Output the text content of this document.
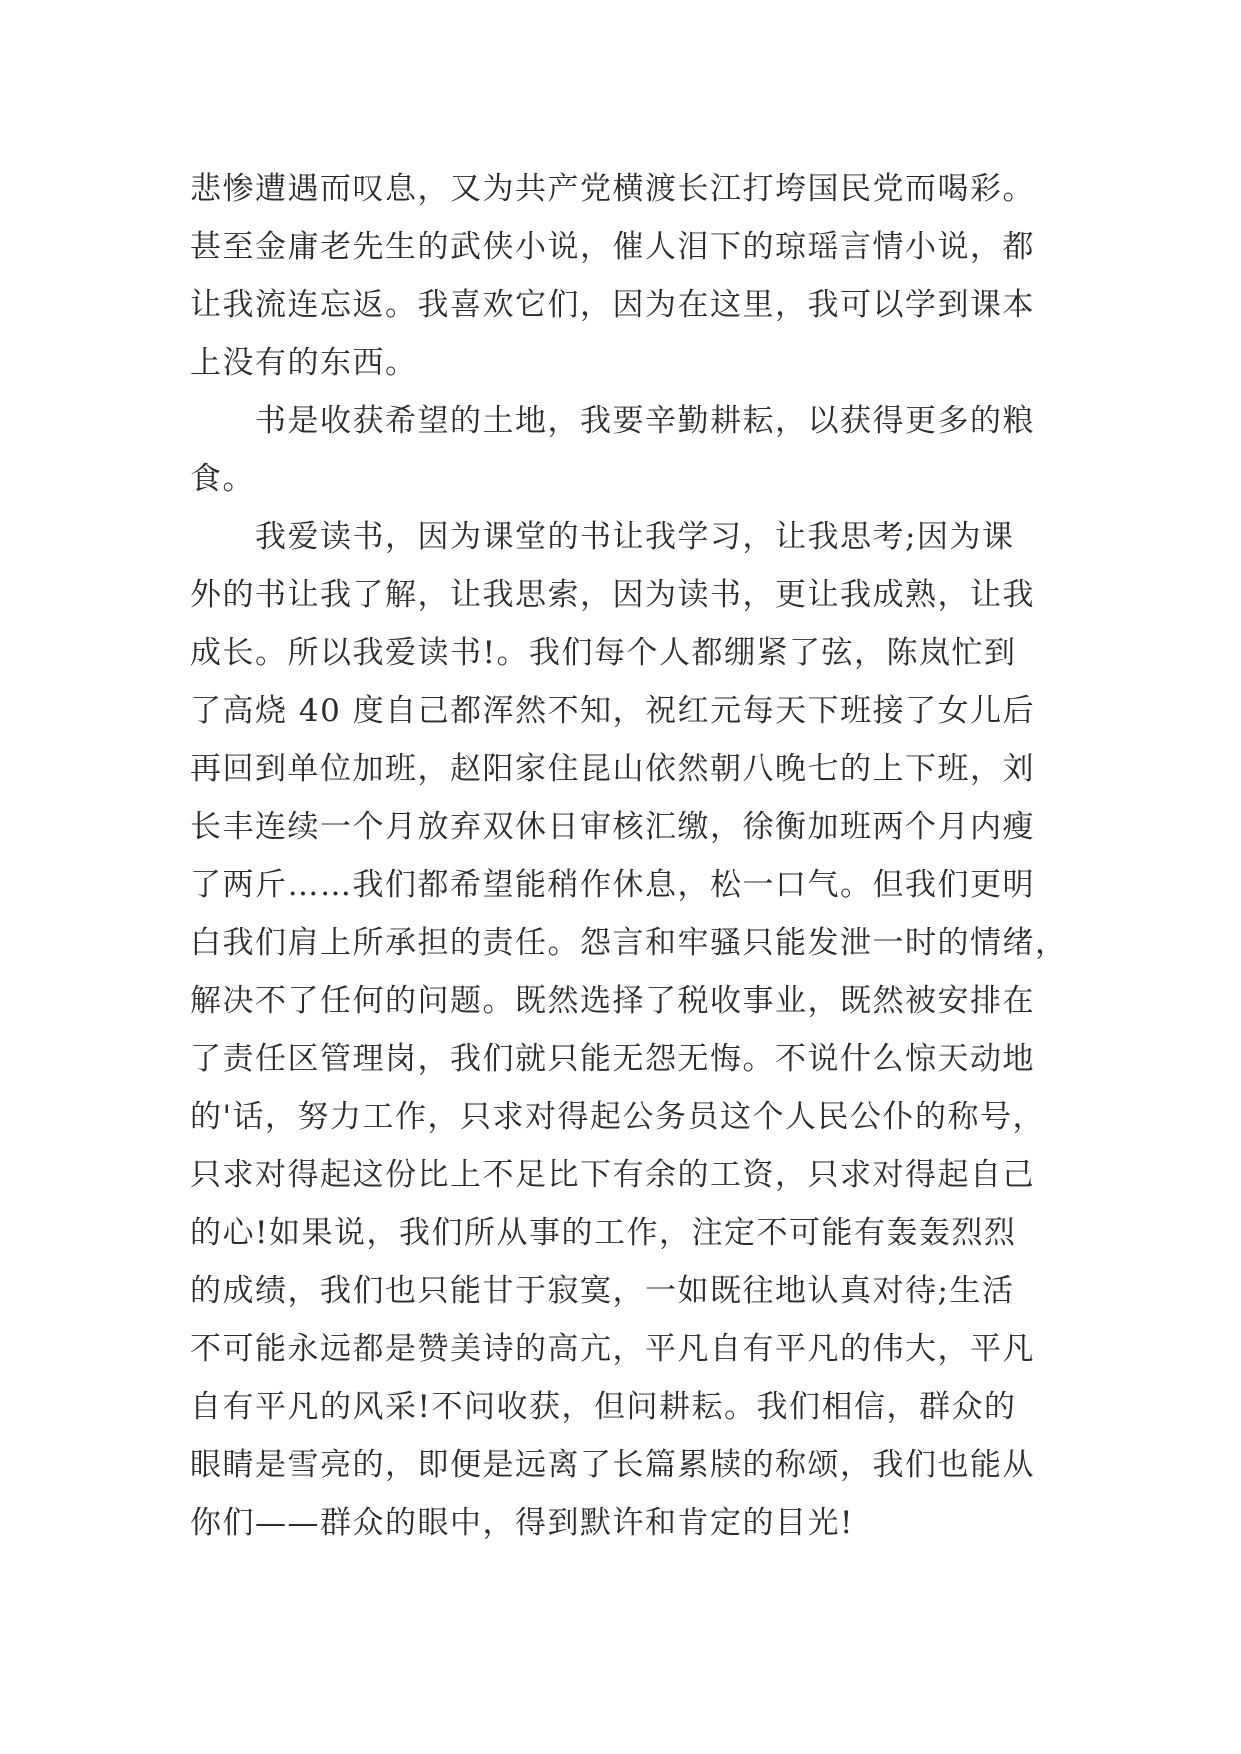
悲惨遭遇而叹息，又为共产党横渡长江打垮国民党而喝彩。
甚至金庸老先生的武侠小说，催人泪下的琼瑶言情小说，都
让我流连忘返。我喜欢它们，因为在这里，我可以学到课本
上没有的东西。
书是收获希望的土地，我要辛勤耕耘，以获得更多的粮
食。
我爱读书，因为课堂的书让我学习，让我思考;因为课
外的书让我了解，让我思索，因为读书，更让我成熟，让我
成长。所以我爱读书!。我们每个人都绷紧了弦，陈岚忙到
了高烧 40 度自己都浑然不知，祝红元每天下班接了女儿后
再回到单位加班，赵阳家住昆山依然朝八晚七的上下班，刘
长丰连续一个月放弃双休日审核汇缴，徐衡加班两个月内瘦
了两斤……我们都希望能稍作休息，松一口气。但我们更明
白我们肩上所承担的责任。怨言和牢骚只能发泄一时的情绪，
解决不了任何的问题。既然选择了税收事业，既然被安排在
了责任区管理岗，我们就只能无怨无悔。不说什么惊天动地
的'话，努力工作，只求对得起公务员这个人民公仆的称号，
只求对得起这份比上不足比下有余的工资，只求对得起自己
的心!如果说，我们所从事的工作，注定不可能有轰轰烈烈
的成绩，我们也只能甘于寂寞，一如既往地认真对待;生活
不可能永远都是赞美诗的高亢，平凡自有平凡的伟大，平凡
自有平凡的风采!不问收获，但问耕耘。我们相信，群众的
眼睛是雪亮的，即便是远离了长篇累牍的称颂，我们也能从
你们——群众的眼中，得到默许和肯定的目光!
